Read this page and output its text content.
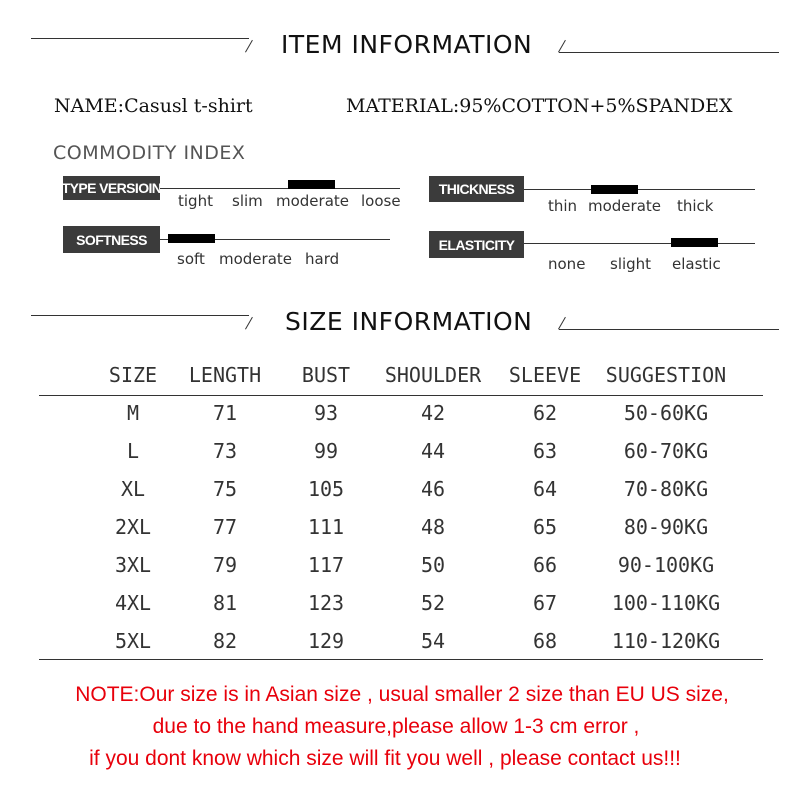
ITEM INFORMATION
NAME:Casusl t-shirt	MATERIAL:95%COTTON+5%SPANDEX
COMMODITY INDEX
TYPE VERSIOIN
tight slim moderate loose
THICKNESS
thin moderate thick
SOFTNESS
soft moderate hard
ELASTICITY
none slight elastic
SIZE INFORMATION
SIZE LENGTH BUST SHOULDER SLEEVE SUGGESTION
M	71	93	42	62	50-60KG
L	73	99	44	63	60-70KG
XL	75	105	46	64	70-80KG
2XL	77	111	48	65	80-90KG
3XL	79	117	50	66	90-100KG
4XL	81	123	52	67	100-110KG
5XL	82	129	54	68	110-120KG
NOTE:Our size is in Asian size , usual smaller 2 size than EU US size,
due to the hand measure,please allow 1-3 cm error ,
if you dont know which size will fit you well , please contact us!!!
